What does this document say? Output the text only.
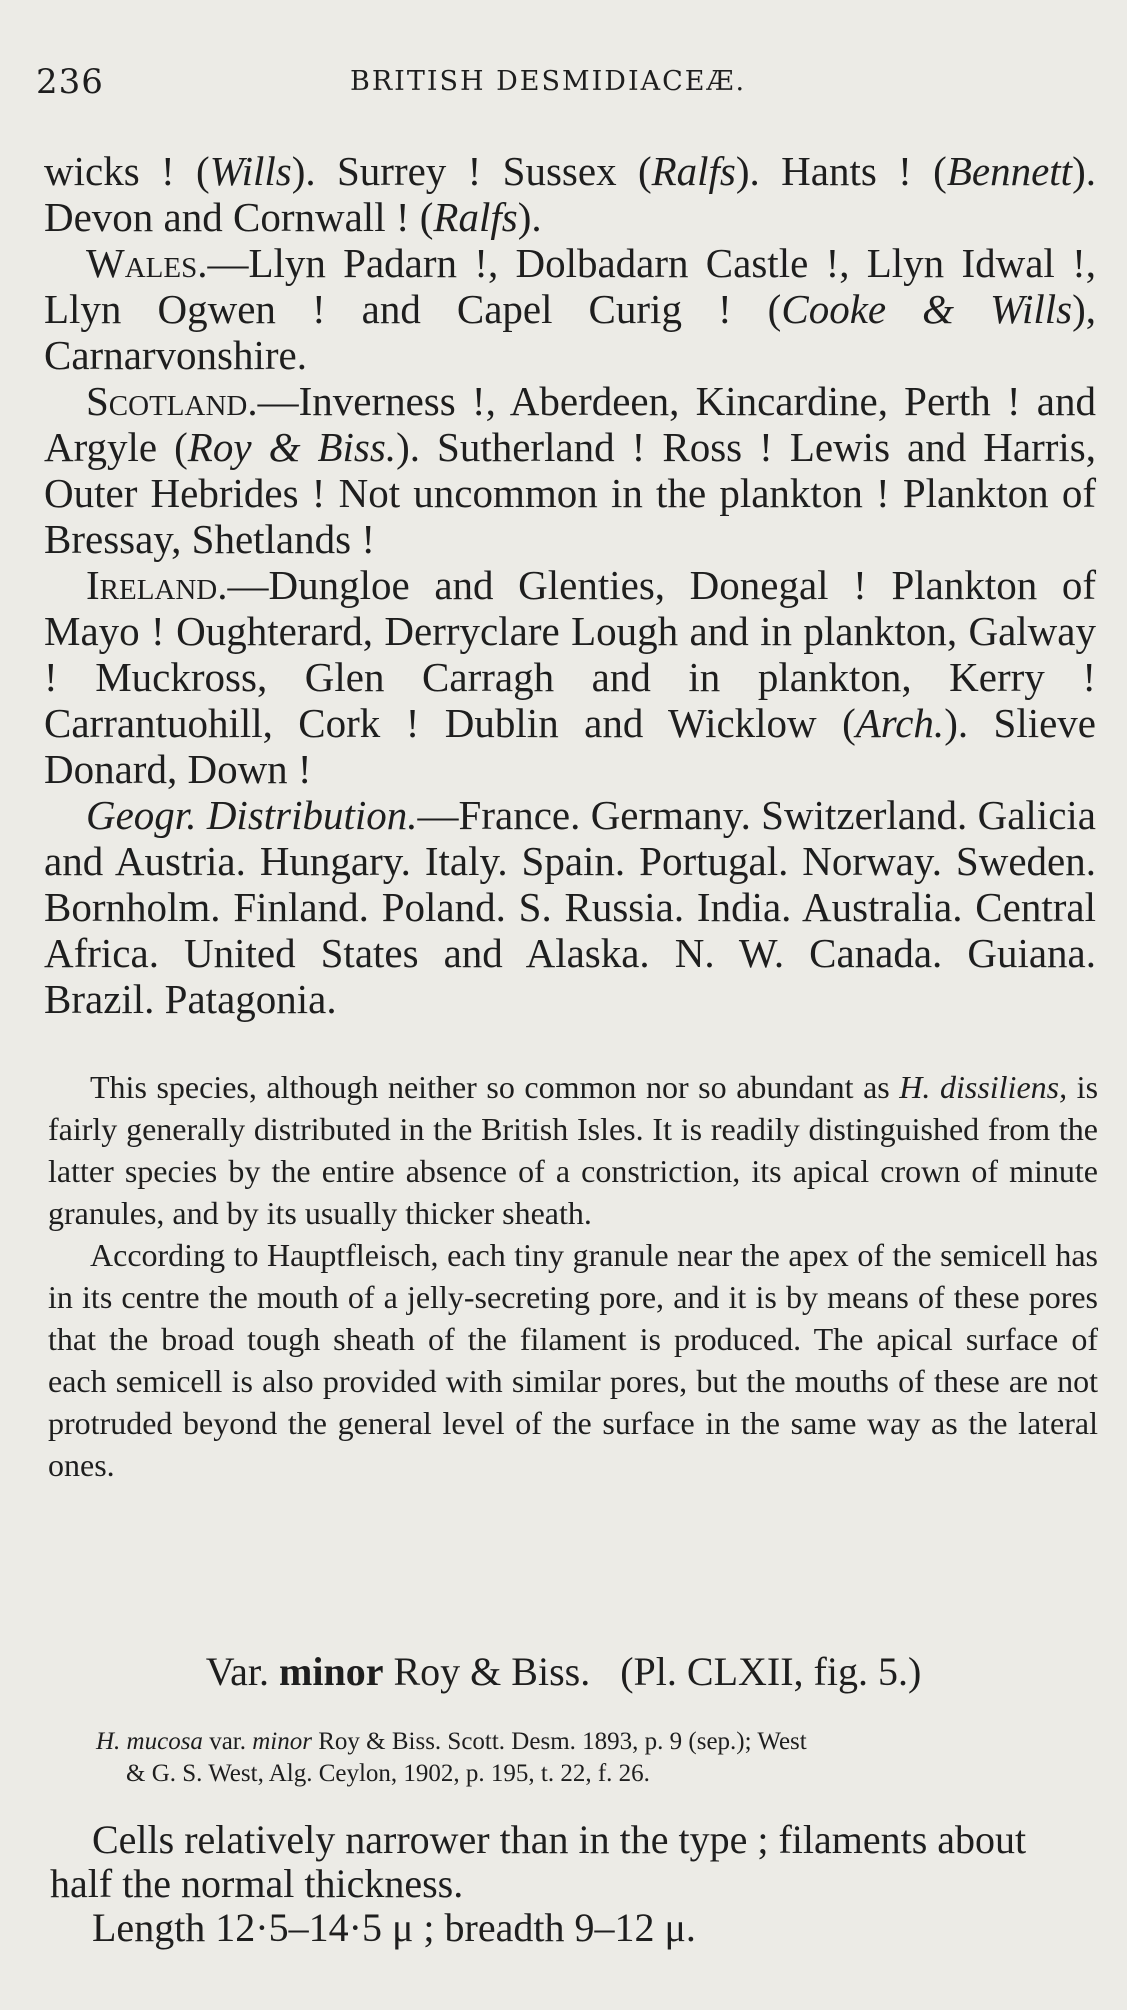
236	BRITISH DESMIDIACEÆ.

wicks ! (Wills). Surrey ! Sussex (Ralfs). Hants ! (Bennett). Devon and Cornwall ! (Ralfs).

Wales.—Llyn Padarn !, Dolbadarn Castle !, Llyn Idwal !, Llyn Ogwen ! and Capel Curig ! (Cooke & Wills), Carnarvonshire.

Scotland.—Inverness !, Aberdeen, Kincardine, Perth ! and Argyle (Roy & Biss.). Sutherland ! Ross ! Lewis and Harris, Outer Hebrides ! Not uncommon in the plankton ! Plankton of Bressay, Shetlands !

Ireland.—Dungloe and Glenties, Donegal ! Plankton of Mayo ! Oughterard, Derryclare Lough and in plankton, Galway ! Muckross, Glen Carragh and in plankton, Kerry ! Carrantuohill, Cork ! Dublin and Wicklow (Arch.). Slieve Donard, Down !

Geogr. Distribution.—France. Germany. Switzerland. Galicia and Austria. Hungary. Italy. Spain. Portugal. Norway. Sweden. Bornholm. Finland. Poland. S. Russia. India. Australia. Central Africa. United States and Alaska. N. W. Canada. Guiana. Brazil. Patagonia.

This species, although neither so common nor so abundant as H. dissiliens, is fairly generally distributed in the British Isles. It is readily distinguished from the latter species by the entire absence of a constriction, its apical crown of minute granules, and by its usually thicker sheath.

According to Hauptfleisch, each tiny granule near the apex of the semicell has in its centre the mouth of a jelly-secreting pore, and it is by means of these pores that the broad tough sheath of the filament is produced. The apical surface of each semicell is also provided with similar pores, but the mouths of these are not protruded beyond the general level of the surface in the same way as the lateral ones.

Var. minor Roy & Biss. (Pl. CLXII, fig. 5.)

H. mucosa var. minor Roy & Biss. Scott. Desm. 1893, p. 9 (sep.); West

& G. S. West, Alg. Ceylon, 1902, p. 195, t. 22, f. 26.

Cells relatively narrower than in the type ; filaments about half the normal thickness.

Length 12·5–14·5 μ ; breadth 9–12 μ.
